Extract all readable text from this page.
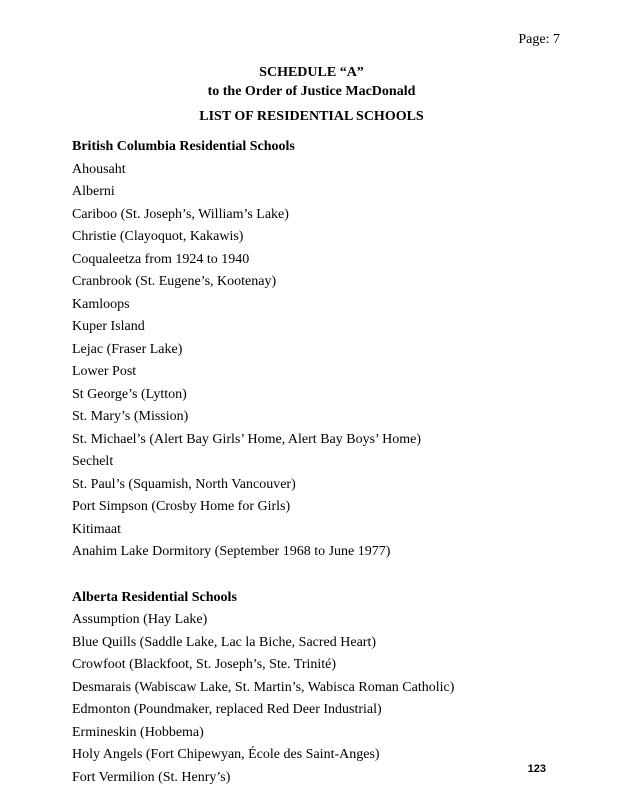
Page: 7
SCHEDULE “A”
to the Order of Justice MacDonald
LIST OF RESIDENTIAL SCHOOLS
British Columbia Residential Schools
Ahousaht
Alberni
Cariboo (St. Joseph’s, William’s Lake)
Christie (Clayoquot, Kakawis)
Coqualeetza from 1924 to 1940
Cranbrook (St. Eugene’s, Kootenay)
Kamloops
Kuper Island
Lejac (Fraser Lake)
Lower Post
St George’s (Lytton)
St. Mary’s (Mission)
St. Michael’s (Alert Bay Girls’ Home, Alert Bay Boys’ Home)
Sechelt
St. Paul’s (Squamish, North Vancouver)
Port Simpson (Crosby Home for Girls)
Kitimaat
Anahim Lake Dormitory (September 1968 to June 1977)
Alberta Residential Schools
Assumption (Hay Lake)
Blue Quills (Saddle Lake, Lac la Biche, Sacred Heart)
Crowfoot (Blackfoot, St. Joseph’s, Ste. Trinité)
Desmarais (Wabiscaw Lake, St. Martin’s, Wabisca Roman Catholic)
Edmonton (Poundmaker, replaced Red Deer Industrial)
Ermineskin (Hobbema)
Holy Angels (Fort Chipewyan, École des Saint-Anges)
Fort Vermilion (St. Henry’s)
123
